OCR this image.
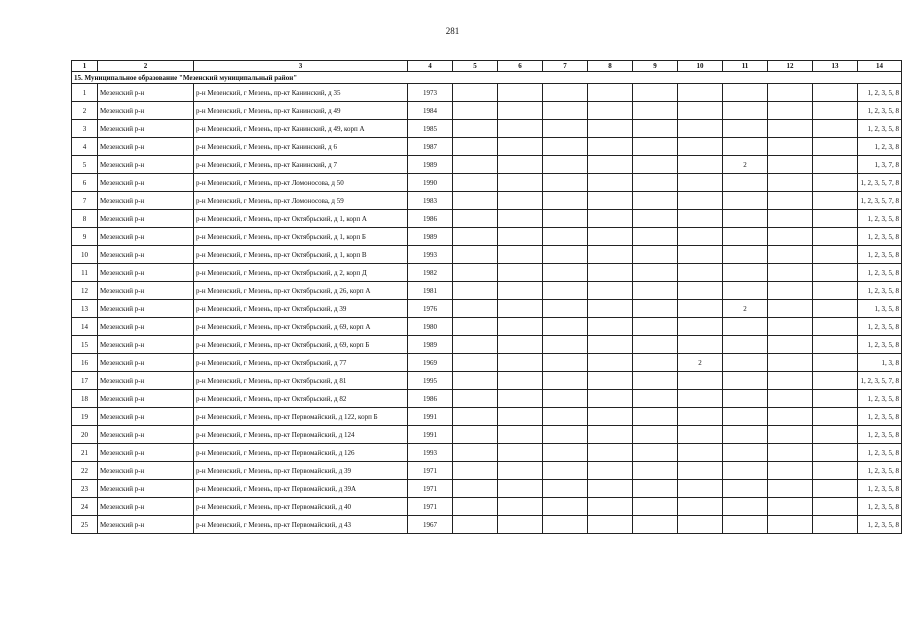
281
1	2	3	4	5	6	7	8	9	10	11	12	13	14
15. Муниципальное образование "Мезенский муниципальный район"													
1	Мезенский р-н	р-н Мезенский, г Мезень, пр-кт Канинский, д 35	1973										1, 2, 3, 5, 8
2	Мезенский р-н	р-н Мезенский, г Мезень, пр-кт Канинский, д 49	1984										1, 2, 3, 5, 8
3	Мезенский р-н	р-н Мезенский, г Мезень, пр-кт Канинский, д 49, корп А	1985										1, 2, 3, 5, 8
4	Мезенский р-н	р-н Мезенский, г Мезень, пр-кт Канинский, д 6	1987										1, 2, 3, 8
5	Мезенский р-н	р-н Мезенский, г Мезень, пр-кт Канинский, д 7	1989							2			1, 3, 7, 8
6	Мезенский р-н	р-н Мезенский, г Мезень, пр-кт Ломоносова, д 50	1990										1, 2, 3, 5, 7, 8
7	Мезенский р-н	р-н Мезенский, г Мезень, пр-кт Ломоносова, д 59	1983										1, 2, 3, 5, 7, 8
8	Мезенский р-н	р-н Мезенский, г Мезень, пр-кт Октябрьский, д 1, корп А	1986										1, 2, 3, 5, 8
9	Мезенский р-н	р-н Мезенский, г Мезень, пр-кт Октябрьский, д 1, корп Б	1989										1, 2, 3, 5, 8
10	Мезенский р-н	р-н Мезенский, г Мезень, пр-кт Октябрьский, д 1, корп В	1993										1, 2, 3, 5, 8
11	Мезенский р-н	р-н Мезенский, г Мезень, пр-кт Октябрьский, д 2, корп Д	1982										1, 2, 3, 5, 8
12	Мезенский р-н	р-н Мезенский, г Мезень, пр-кт Октябрьский, д 26, корп А	1981										1, 2, 3, 5, 8
13	Мезенский р-н	р-н Мезенский, г Мезень, пр-кт Октябрьский, д 39	1976							2			1, 3, 5, 8
14	Мезенский р-н	р-н Мезенский, г Мезень, пр-кт Октябрьский, д 69, корп А	1980										1, 2, 3, 5, 8
15	Мезенский р-н	р-н Мезенский, г Мезень, пр-кт Октябрьский, д 69, корп Б	1989										1, 2, 3, 5, 8
16	Мезенский р-н	р-н Мезенский, г Мезень, пр-кт Октябрьский, д 77	1969						2				1, 3, 8
17	Мезенский р-н	р-н Мезенский, г Мезень, пр-кт Октябрьский, д 81	1995										1, 2, 3, 5, 7, 8
18	Мезенский р-н	р-н Мезенский, г Мезень, пр-кт Октябрьский, д 82	1986										1, 2, 3, 5, 8
19	Мезенский р-н	р-н Мезенский, г Мезень, пр-кт Первомайский, д 122, корп Б	1991										1, 2, 3, 5, 8
20	Мезенский р-н	р-н Мезенский, г Мезень, пр-кт Первомайский, д 124	1991										1, 2, 3, 5, 8
21	Мезенский р-н	р-н Мезенский, г Мезень, пр-кт Первомайский, д 126	1993										1, 2, 3, 5, 8
22	Мезенский р-н	р-н Мезенский, г Мезень, пр-кт Первомайский, д 39	1971										1, 2, 3, 5, 8
23	Мезенский р-н	р-н Мезенский, г Мезень, пр-кт Первомайский, д 39А	1971										1, 2, 3, 5, 8
24	Мезенский р-н	р-н Мезенский, г Мезень, пр-кт Первомайский, д 40	1971										1, 2, 3, 5, 8
25	Мезенский р-н	р-н Мезенский, г Мезень, пр-кт Первомайский, д 43	1967										1, 2, 3, 5, 8
